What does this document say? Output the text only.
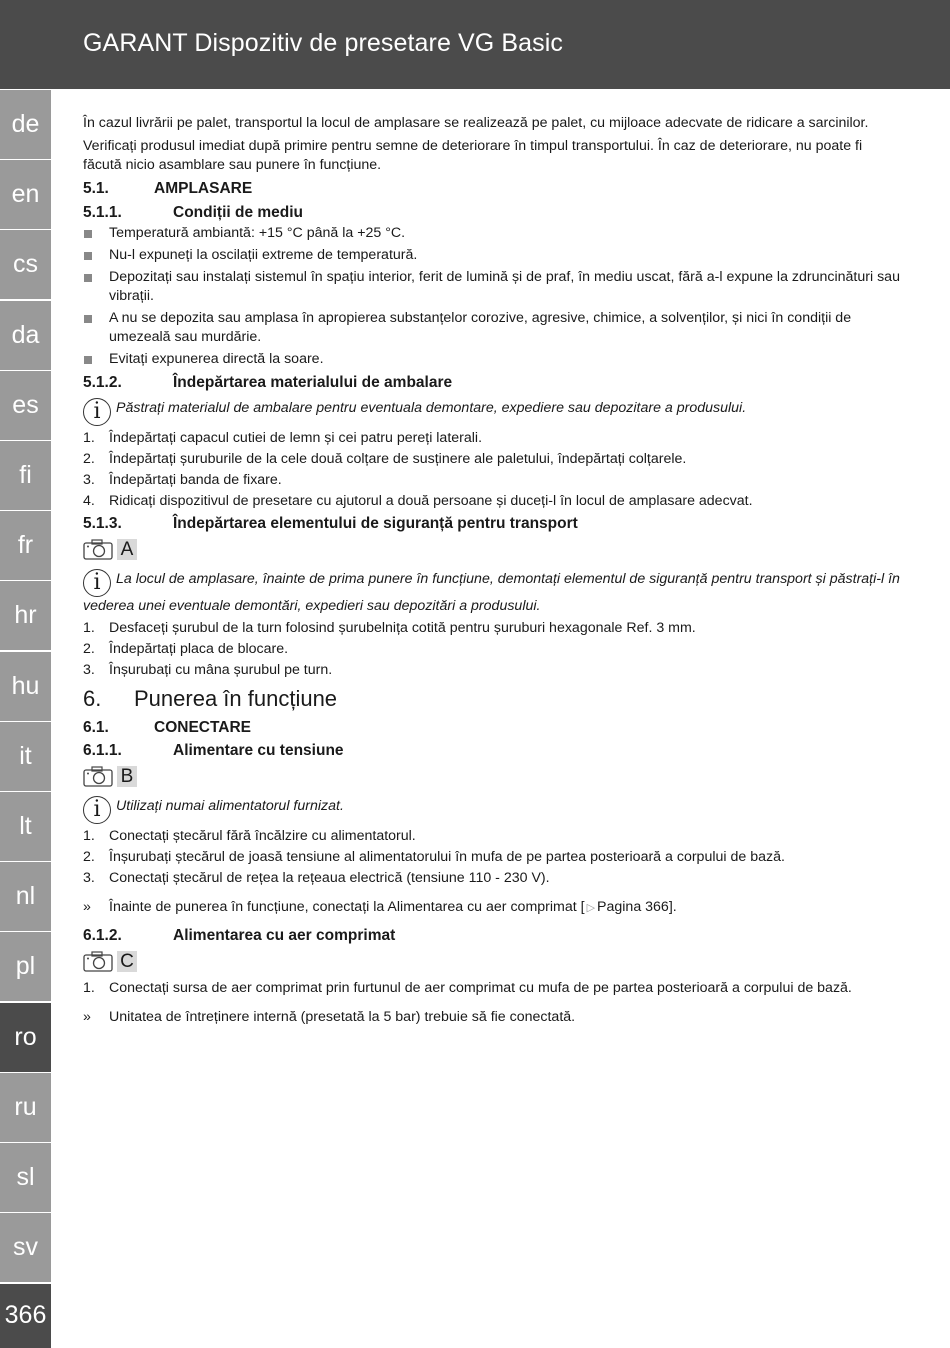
GARANT Dispozitiv de presetare VG Basic
de
en
cs
da
es
fi
fr
hr
hu
it
lt
nl
pl
ro
ru
sl
sv
366

În cazul livrării pe palet, transportul la locul de amplasare se realizează pe palet, cu mijloace adecvate de ridicare a sarcinilor.

Verificați produsul imediat după primire pentru semne de deteriorare în timpul transportului. În caz de deteriorare, nu poate fi făcută nicio asamblare sau punere în funcțiune.

5.1.	AMPLASARE
5.1.1.	Condiții de mediu
Temperatură ambiantă: +15 °C până la +25 °C.
Nu-l expuneți la oscilații extreme de temperatură.
Depozitați sau instalați sistemul în spațiu interior, ferit de lumină și de praf, în mediu uscat, fără a-l expune la zdruncinături sau vibrații.
A nu se depozita sau amplasa în apropierea substanțelor corozive, agresive, chimice, a solvenților, și nici în condiții de umezeală sau murdărie.
Evitați expunerea directă la soare.
5.1.2.	Îndepărtarea materialului de ambalare

i Păstrați materialul de ambalare pentru eventuala demontare, expediere sau depozitare a produsului.

1. Îndepărtați capacul cutiei de lemn și cei patru pereți laterali.
2. Îndepărtați șuruburile de la cele două colțare de susținere ale paletului, îndepărtați colțarele.
3. Îndepărtați banda de fixare.
4. Ridicați dispozitivul de presetare cu ajutorul a două persoane și duceți-l în locul de amplasare adecvat.
5.1.3.	Îndepărtarea elementului de siguranță pentru transport
A

i La locul de amplasare, înainte de prima punere în funcțiune, demontați elementul de siguranță pentru transport și păstrați-l în vederea unei eventuale demontări, expedieri sau depozitări a produsului.

1. Desfaceți șurubul de la turn folosind șurubelnița cotită pentru șuruburi hexagonale Ref. 3 mm.
2. Îndepărtați placa de blocare.
3. Înșurubați cu mâna șurubul pe turn.
6.	Punerea în funcțiune
6.1.	CONECTARE
6.1.1.	Alimentare cu tensiune
B

i Utilizați numai alimentatorul furnizat.

1. Conectați ștecărul fără încălzire cu alimentatorul.
2. Înșurubați ștecărul de joasă tensiune al alimentatorului în mufa de pe partea posterioară a corpului de bază.
3. Conectați ștecărul de rețea la rețeaua electrică (tensiune 110 - 230 V).

» Înainte de punerea în funcțiune, conectați la Alimentarea cu aer comprimat [ ▷ Pagina 366].

6.1.2.	Alimentarea cu aer comprimat
C
1. Conectați sursa de aer comprimat prin furtunul de aer comprimat cu mufa de pe partea posterioară a corpului de bază.

» Unitatea de întreținere internă (presetată la 5 bar) trebuie să fie conectată.
